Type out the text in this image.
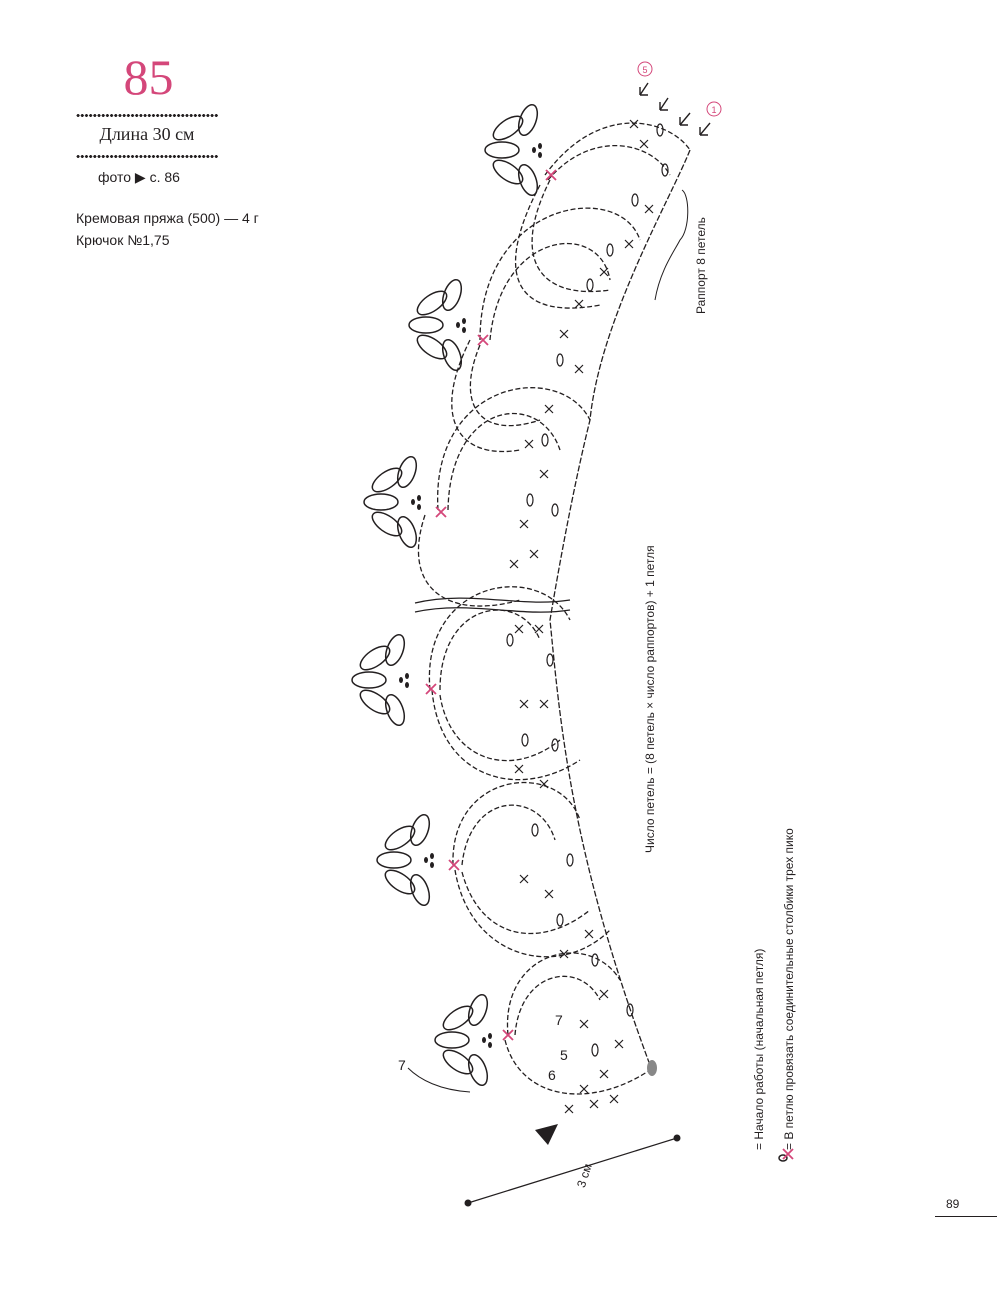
85
Длина 30 см
фото ▶ с. 86
Кремовая пряжа (500) — 4 г
Крючок №1,75
5
1
7
6
5
7
Раппорт 8 петель
Число петель = (8 петель × число раппортов) + 1 петля
3 см
= Начало работы (начальная петля) = В петлю провязать соединительные столбики трех пико
89
